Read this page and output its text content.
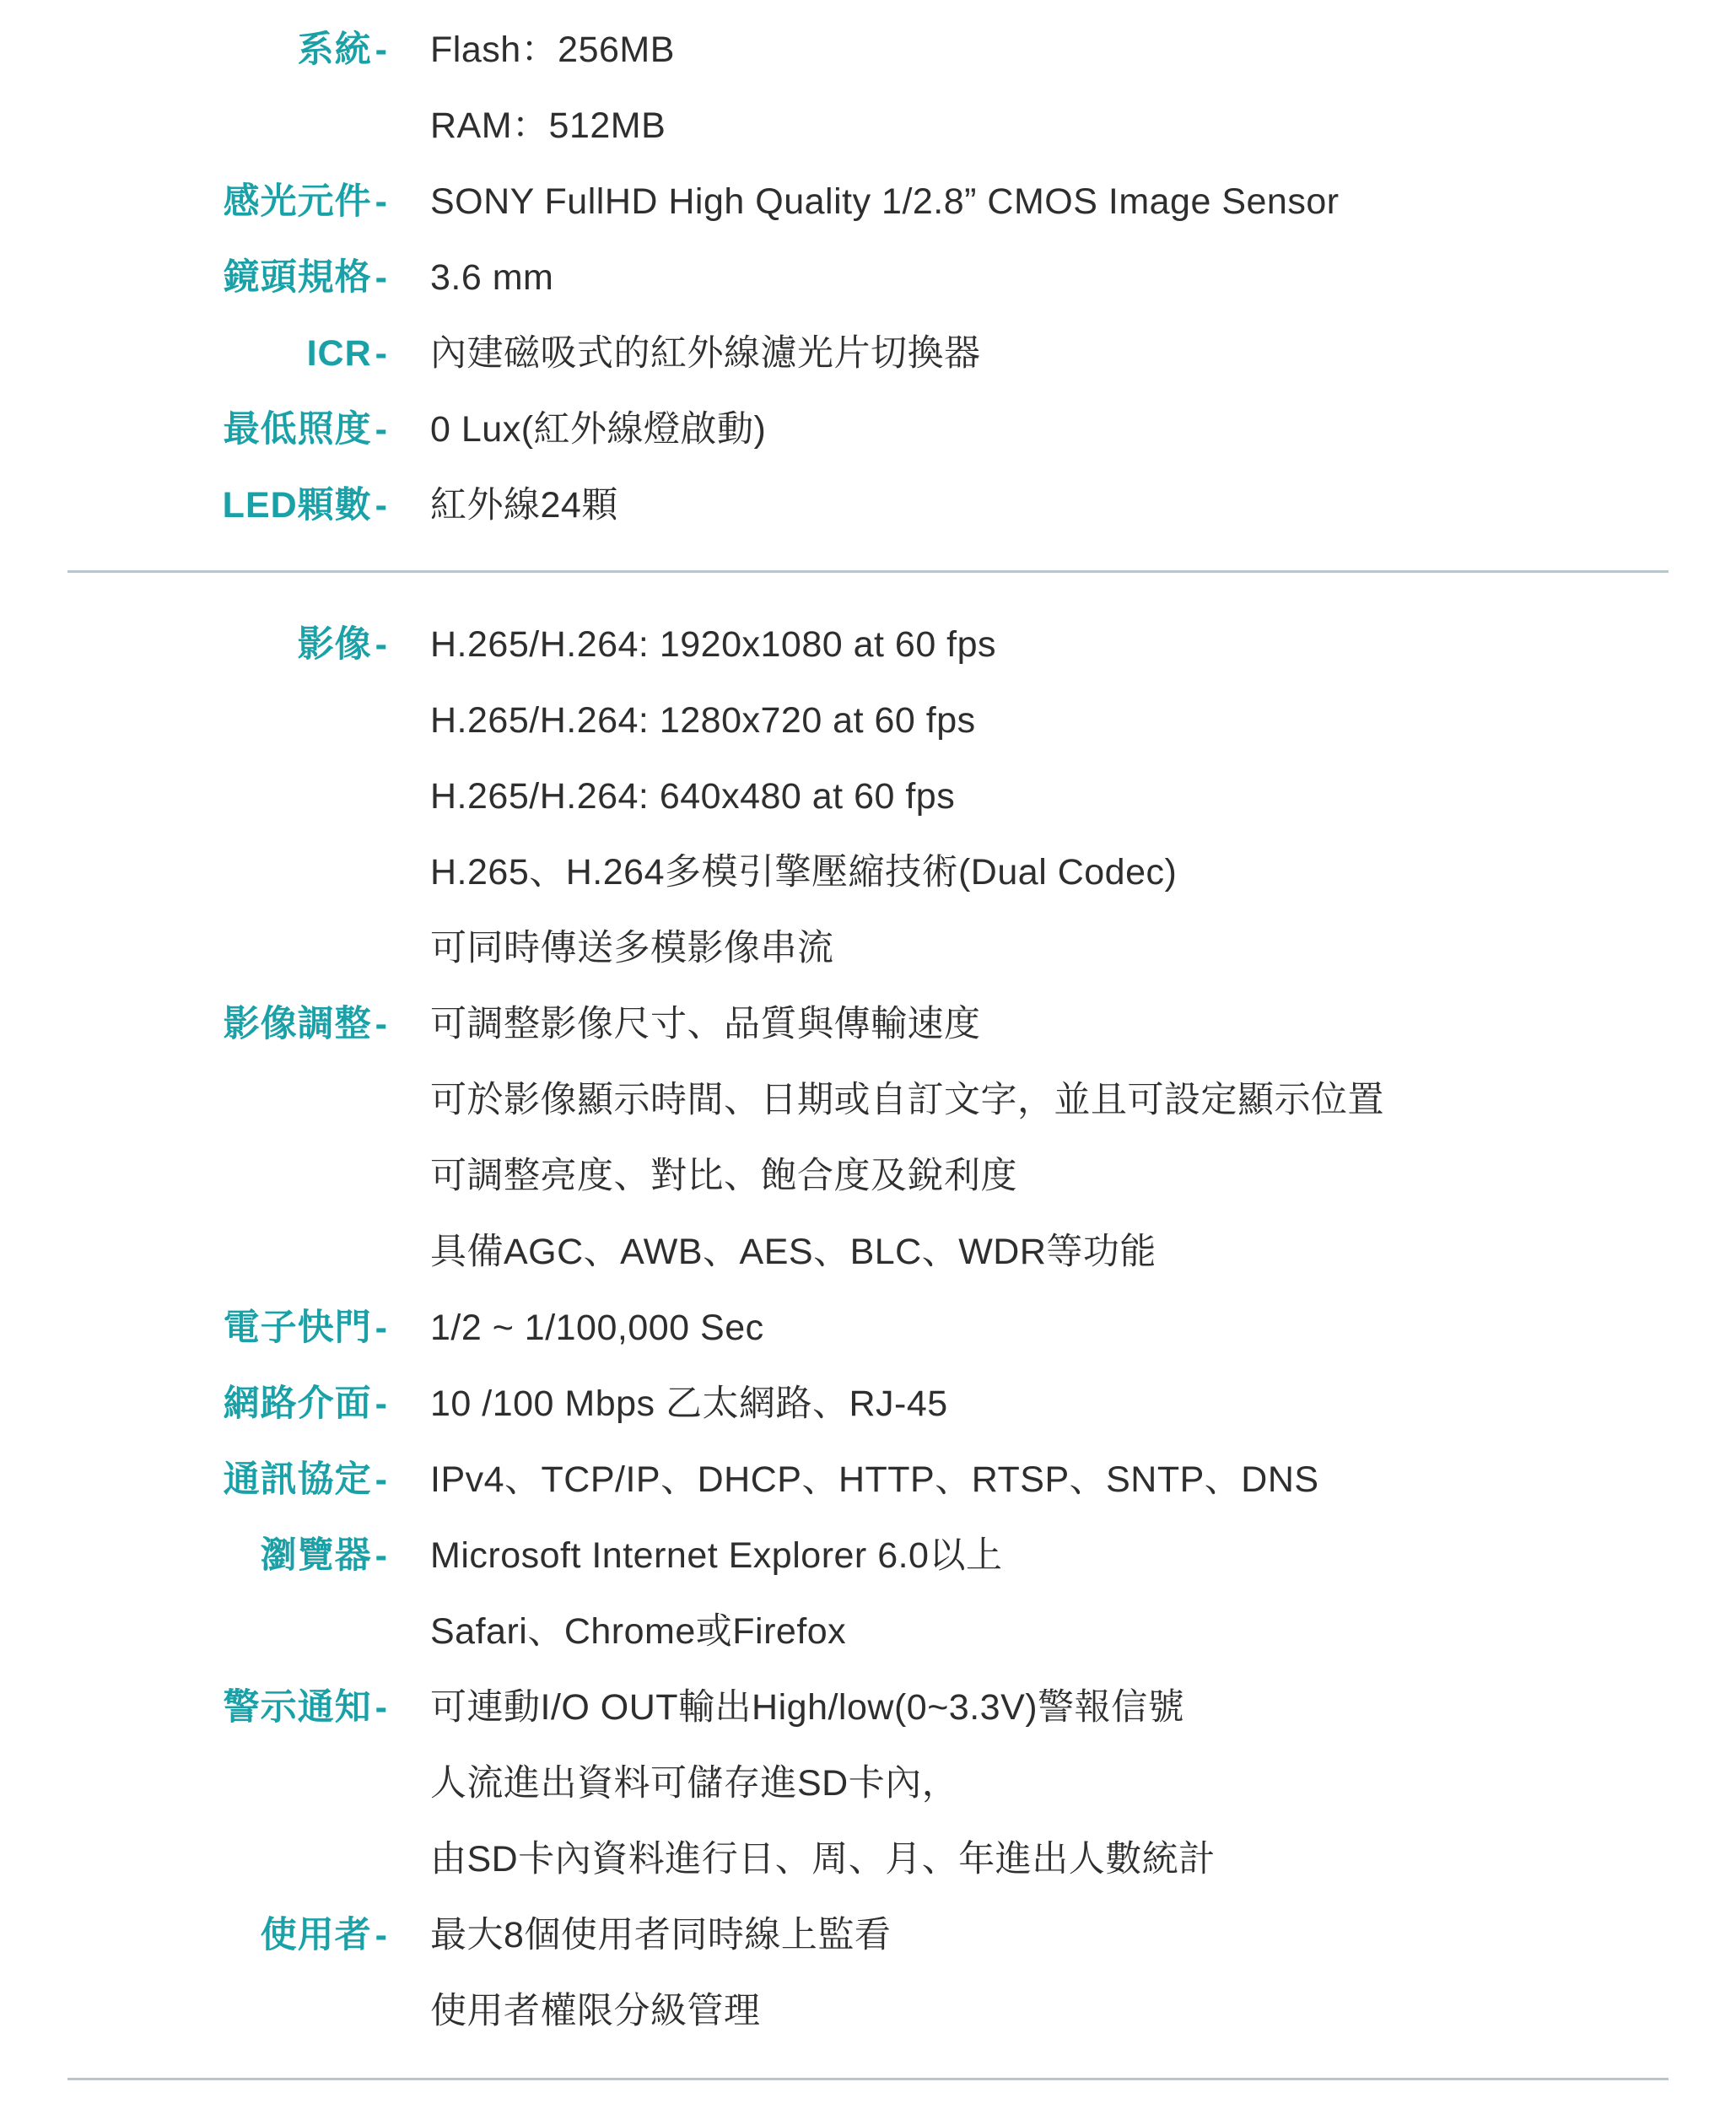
系統- Flash：256MB
RAM：512MB
感光元件- SONY FullHD High Quality 1/2.8” CMOS Image Sensor
鏡頭規格- 3.6 mm
ICR- 內建磁吸式的紅外線濾光片切換器
最低照度- 0 Lux(紅外線燈啟動)
LED顆數- 紅外線24顆
影像- H.265/H.264: 1920x1080 at 60 fps
H.265/H.264: 1280x720 at 60 fps
H.265/H.264: 640x480 at 60 fps
H.265、H.264多模引擎壓縮技術(Dual Codec)
可同時傳送多模影像串流
影像調整- 可調整影像尺寸、品質與傳輸速度
可於影像顯示時間、日期或自訂文字，並且可設定顯示位置
可調整亮度、對比、飽合度及銳利度
具備AGC、AWB、AES、BLC、WDR等功能
電子快門- 1/2 ~ 1/100,000 Sec
網路介面- 10 /100 Mbps 乙太網路、RJ-45
通訊協定- IPv4、TCP/IP、DHCP、HTTP、RTSP、SNTP、DNS
瀏覽器- Microsoft Internet Explorer 6.0以上
Safari、Chrome或Firefox
警示通知- 可連動I/O OUT輸出High/low(0~3.3V)警報信號
人流進出資料可儲存進SD卡內，
由SD卡內資料進行日、周、月、年進出人數統計
使用者- 最大8個使用者同時線上監看
使用者權限分級管理
